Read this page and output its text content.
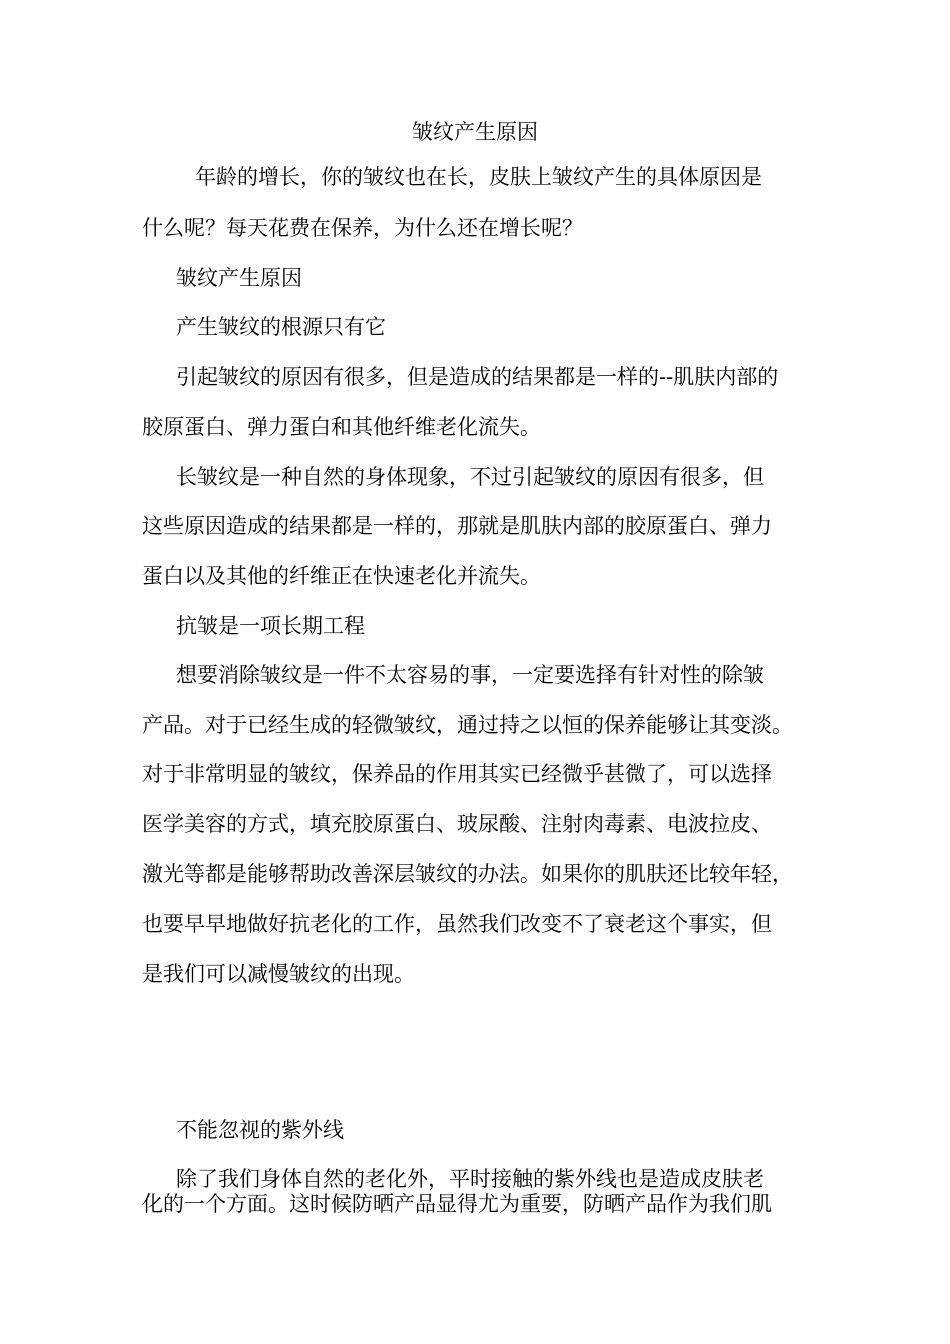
皱纹产生原因
年龄的增长，你的皱纹也在长，皮肤上皱纹产生的具体原因是
什么呢？每天花费在保养，为什么还在增长呢？
皱纹产生原因
产生皱纹的根源只有它
引起皱纹的原因有很多，但是造成的结果都是一样的--肌肤内部的
胶原蛋白、弹力蛋白和其他纤维老化流失。
长皱纹是一种自然的身体现象，不过引起皱纹的原因有很多，但
这些原因造成的结果都是一样的，那就是肌肤内部的胶原蛋白、弹力
蛋白以及其他的纤维正在快速老化并流失。
抗皱是一项长期工程
想要消除皱纹是一件不太容易的事，一定要选择有针对性的除皱
产品。对于已经生成的轻微皱纹，通过持之以恒的保养能够让其变淡。
对于非常明显的皱纹，保养品的作用其实已经微乎甚微了，可以选择
医学美容的方式，填充胶原蛋白、玻尿酸、注射肉毒素、电波拉皮、
激光等都是能够帮助改善深层皱纹的办法。如果你的肌肤还比较年轻，
也要早早地做好抗老化的工作，虽然我们改变不了衰老这个事实，但
是我们可以减慢皱纹的出现。
不能忽视的紫外线
除了我们身体自然的老化外，平时接触的紫外线也是造成皮肤老
化的一个方面。这时候防晒产品显得尤为重要，防晒产品作为我们肌
